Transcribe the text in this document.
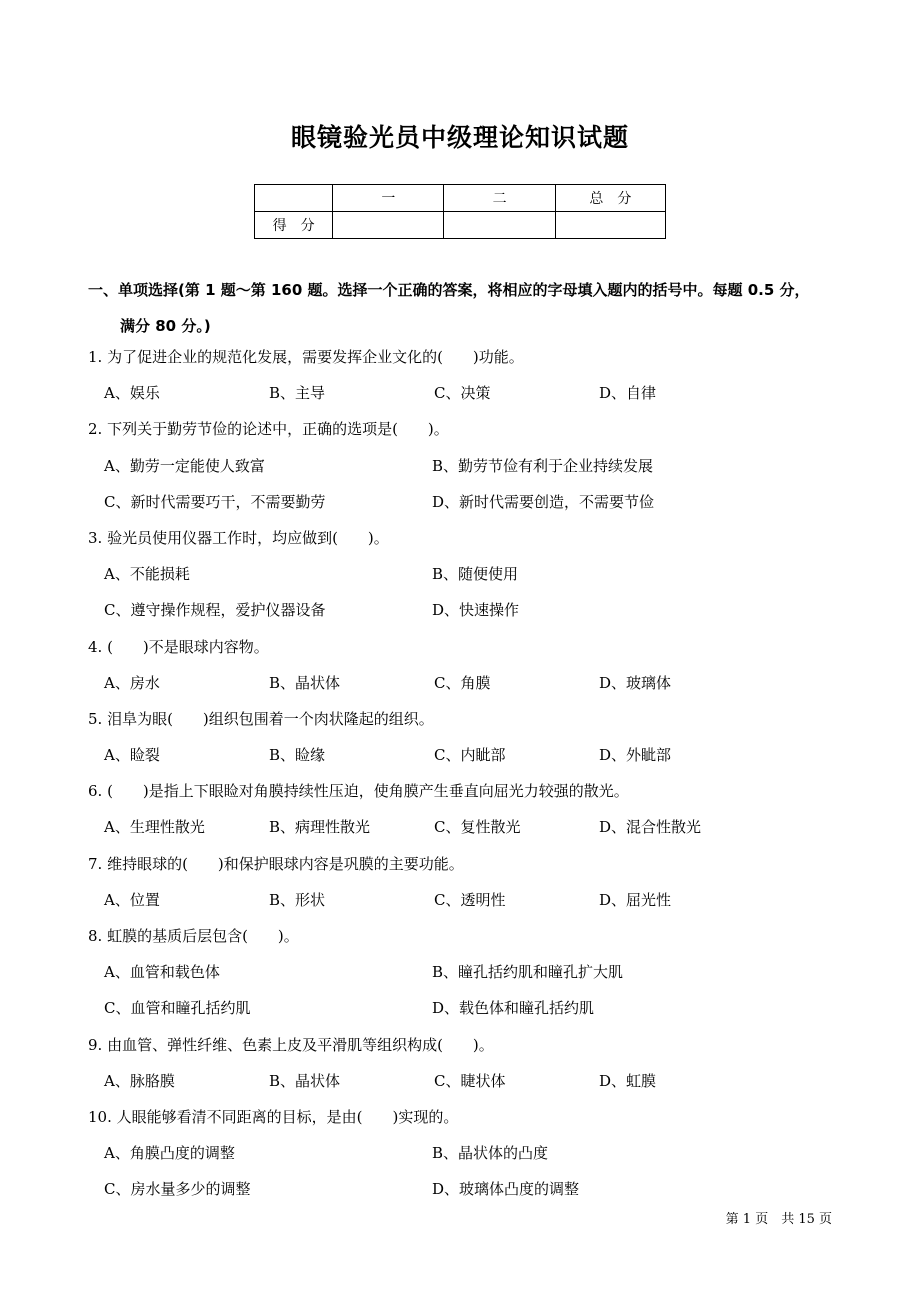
眼镜验光员中级理论知识试题
	一	二	总　分
得　分			
一、单项选择(第 1 题～第 160 题。选择一个正确的答案，将相应的字母填入题内的括号中。每题 0.5 分，
满分 80 分。)
1. 为了促进企业的规范化发展，需要发挥企业文化的(　　)功能。
A、娱乐	B、主导	C、决策	D、自律
2. 下列关于勤劳节俭的论述中，正确的选项是(　　)。
A、勤劳一定能使人致富	B、勤劳节俭有利于企业持续发展
C、新时代需要巧干，不需要勤劳	D、新时代需要创造，不需要节俭
3. 验光员使用仪器工作时，均应做到(　　)。
A、不能损耗	B、随便使用
C、遵守操作规程，爱护仪器设备	D、快速操作
4. (　　)不是眼球内容物。
A、房水	B、晶状体	C、角膜	D、玻璃体
5. 泪阜为眼(　　)组织包围着一个肉状隆起的组织。
A、睑裂	B、睑缘	C、内眦部	D、外眦部
6. (　　)是指上下眼睑对角膜持续性压迫，使角膜产生垂直向屈光力较强的散光。
A、生理性散光	B、病理性散光	C、复性散光	D、混合性散光
7. 维持眼球的(　　)和保护眼球内容是巩膜的主要功能。
A、位置	B、形状	C、透明性	D、屈光性
8. 虹膜的基质后层包含(　　)。
A、血管和载色体	B、瞳孔括约肌和瞳孔扩大肌
C、血管和瞳孔括约肌	D、载色体和瞳孔括约肌
9. 由血管、弹性纤维、色素上皮及平滑肌等组织构成(　　)。
A、脉胳膜	B、晶状体	C、睫状体	D、虹膜
10. 人眼能够看清不同距离的目标，是由(　　)实现的。
A、角膜凸度的调整	B、晶状体的凸度
C、房水量多少的调整	D、玻璃体凸度的调整
第 1 页　共 15 页
